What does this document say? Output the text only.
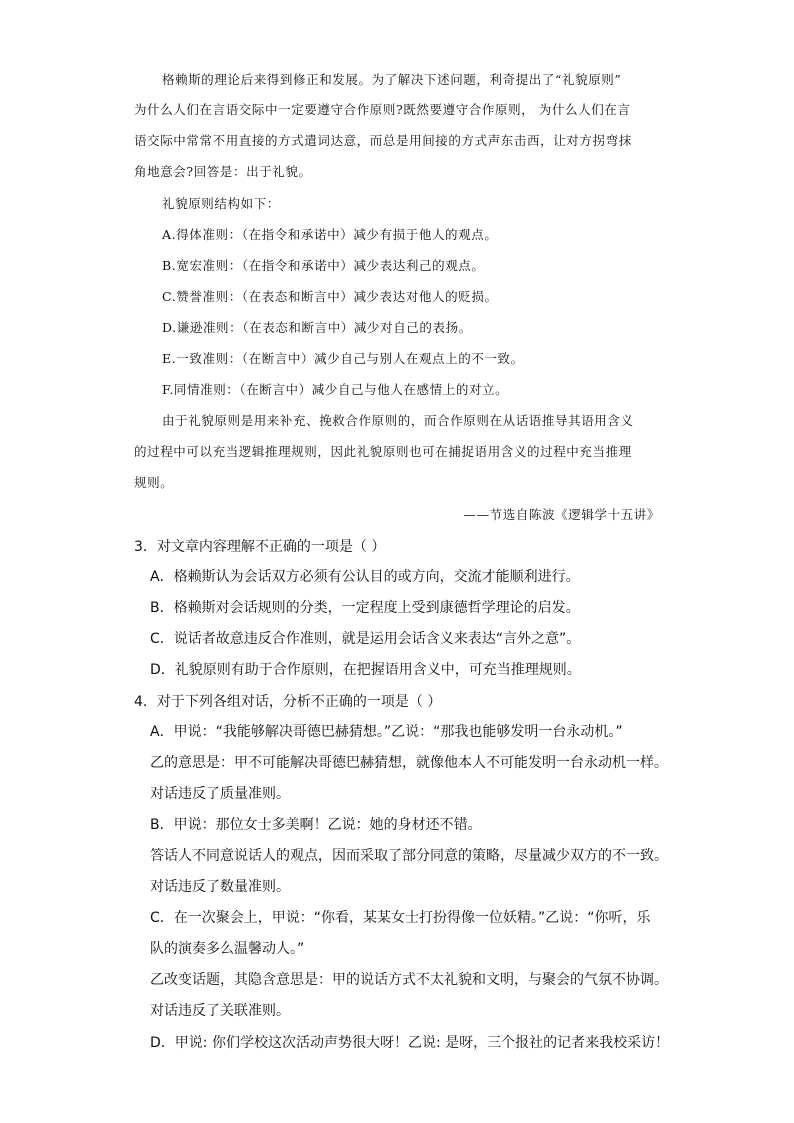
格赖斯的理论后来得到修正和发展。为了解决下述问题，利奇提出了“礼貌原则”
为什么人们在言语交际中一定要遵守合作原则?既然要遵守合作原则， 为什么人们在言
语交际中常常不用直接的方式遣词达意，而总是用间接的方式声东击西，让对方拐弯抹
角地意会?回答是：出于礼貌。
礼貌原则结构如下：
A.得体准则：（在指令和承诺中）减少有损于他人的观点。
B.宽宏准则：（在指令和承诺中）减少表达利己的观点。
C.赞誉准则：（在表态和断言中）减少表达对他人的贬损。
D.谦逊准则：（在表态和断言中）减少对自己的表扬。
E.一致准则：（在断言中）减少自己与别人在观点上的不一致。
F.同情准则：（在断言中）减少自己与他人在感情上的对立。
由于礼貌原则是用来补充、挽救合作原则的，而合作原则在从话语推导其语用含义
的过程中可以充当逻辑推理规则，因此礼貌原则也可在捕捉语用含义的过程中充当推理
规则。
——节选自陈波《逻辑学十五讲》
3．对文章内容理解不正确的一项是（ ）
A．格赖斯认为会话双方必须有公认目的或方向，交流才能顺利进行。
B．格赖斯对会话规则的分类，一定程度上受到康德哲学理论的启发。
C．说话者故意违反合作准则，就是运用会话含义来表达“言外之意”。
D．礼貌原则有助于合作原则，在把握语用含义中，可充当推理规则。
4．对于下列各组对话，分析不正确的一项是（ ）
A．甲说：“我能够解决哥德巴赫猜想。”乙说：“那我也能够发明一台永动机。”
乙的意思是：甲不可能解决哥德巴赫猜想，就像他本人不可能发明一台永动机一样。
对话违反了质量准则。
B．甲说：那位女士多美啊！乙说：她的身材还不错。
答话人不同意说话人的观点，因而采取了部分同意的策略，尽量减少双方的不一致。
对话违反了数量准则。
C．在一次聚会上，甲说：“你看，某某女士打扮得像一位妖精。”乙说：“你听，乐
队的演奏多么温馨动人。”
乙改变话题，其隐含意思是：甲的说话方式不太礼貌和文明，与聚会的气氛不协调。
对话违反了关联准则。
D．甲说: 你们学校这次活动声势很大呀！乙说: 是呀，三个报社的记者来我校采访！
